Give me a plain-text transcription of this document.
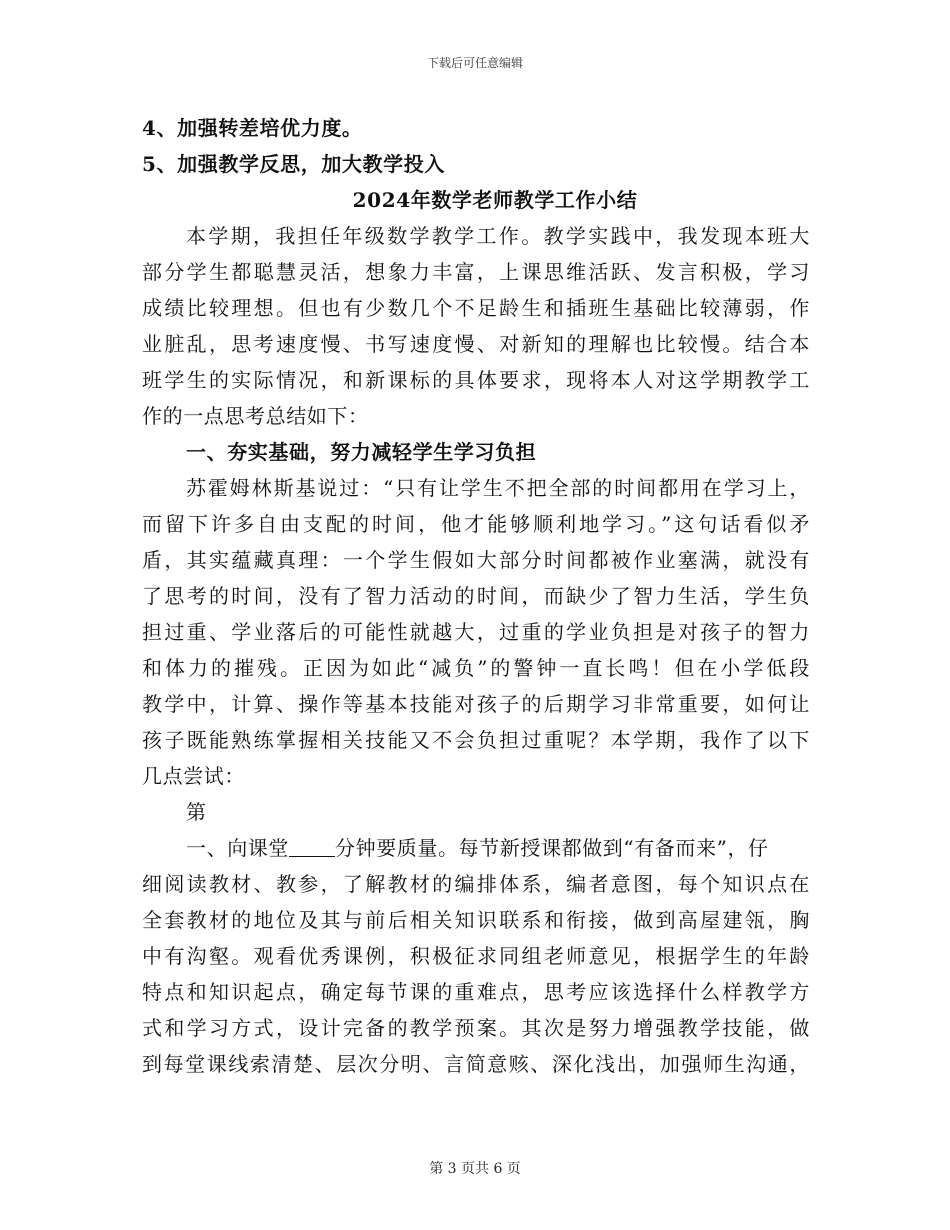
下载后可任意编辑
4、加强转差培优力度。
5、加强教学反思，加大教学投入
2024年数学老师教学工作小结
本学期，我担任年级数学教学工作。教学实践中，我发现本班大
部分学生都聪慧灵活，想象力丰富，上课思维活跃、发言积极，学习
成绩比较理想。但也有少数几个不足龄生和插班生基础比较薄弱，作
业脏乱，思考速度慢、书写速度慢、对新知的理解也比较慢。结合本
班学生的实际情况，和新课标的具体要求，现将本人对这学期教学工
作的一点思考总结如下：
一、夯实基础，努力减轻学生学习负担
苏霍姆林斯基说过：“只有让学生不把全部的时间都用在学习上，
而留下许多自由支配的时间，他才能够顺利地学习。”这句话看似矛
盾，其实蕴藏真理：一个学生假如大部分时间都被作业塞满，就没有
了思考的时间，没有了智力活动的时间，而缺少了智力生活，学生负
担过重、学业落后的可能性就越大，过重的学业负担是对孩子的智力
和体力的摧残。正因为如此“减负”的警钟一直长鸣！但在小学低段
教学中，计算、操作等基本技能对孩子的后期学习非常重要，如何让
孩子既能熟练掌握相关技能又不会负担过重呢？本学期，我作了以下
几点尝试：
第
一、向课堂 分钟要质量。每节新授课都做到“有备而来”，仔
细阅读教材、教参，了解教材的编排体系，编者意图，每个知识点在
全套教材的地位及其与前后相关知识联系和衔接，做到高屋建瓴，胸
中有沟壑。观看优秀课例，积极征求同组老师意见，根据学生的年龄
特点和知识起点，确定每节课的重难点，思考应该选择什么样教学方
式和学习方式，设计完备的教学预案。其次是努力增强教学技能，做
到每堂课线索清楚、层次分明、言简意赅、深化浅出，加强师生沟通，
第 3 页共 6 页
